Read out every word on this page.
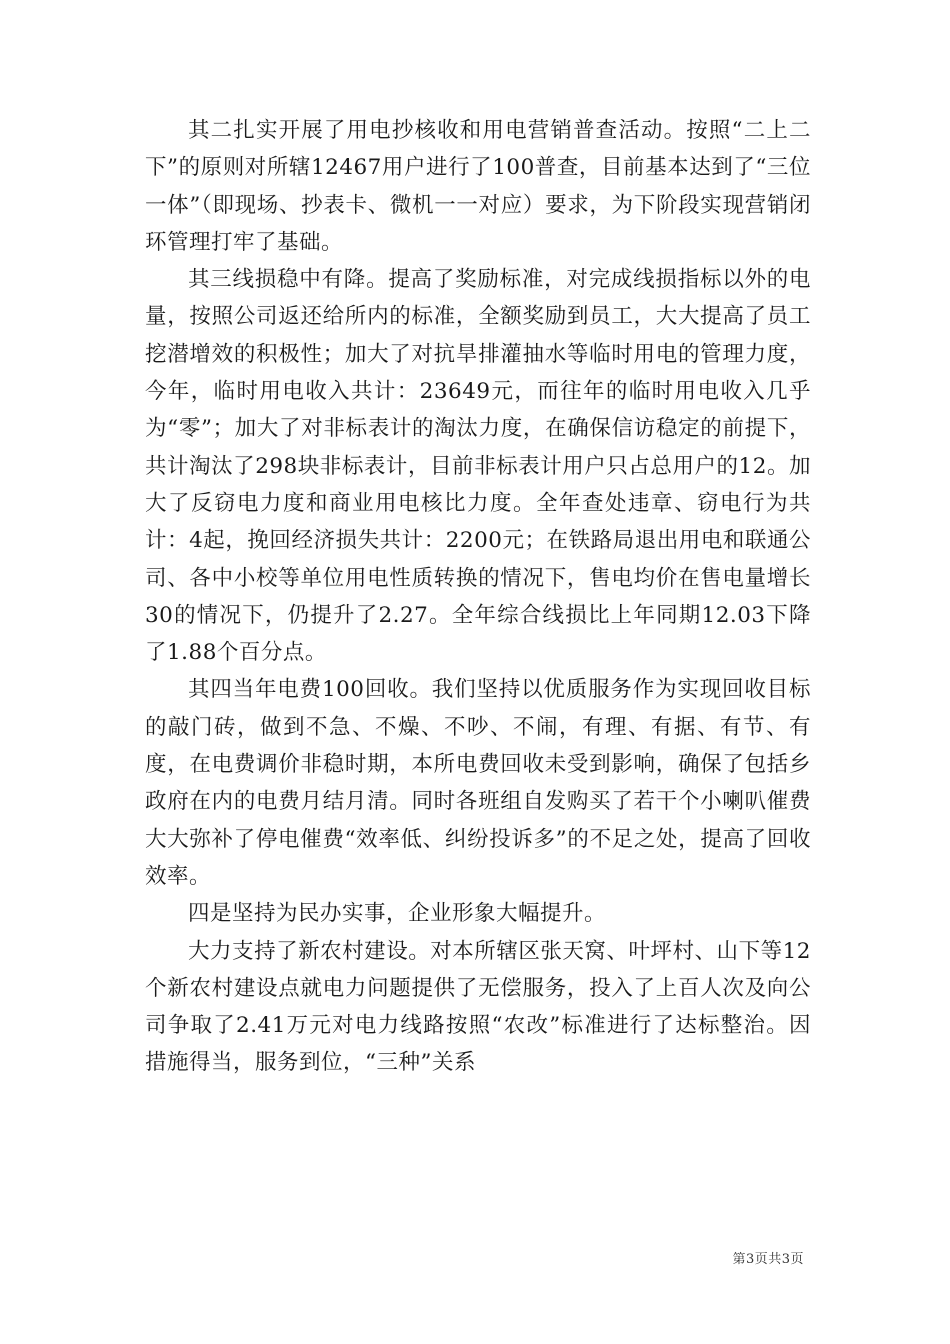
其二扎实开展了用电抄核收和用电营销普查活动。按照“二上二下”的原则对所辖12467用户进行了100普查，目前基本达到了“三位一体”（即现场、抄表卡、微机一一对应）要求，为下阶段实现营销闭环管理打牢了基础。

其三线损稳中有降。提高了奖励标准，对完成线损指标以外的电量，按照公司返还给所内的标准，全额奖励到员工，大大提高了员工挖潜增效的积极性；加大了对抗旱排灌抽水等临时用电的管理力度，今年，临时用电收入共计：23649元，而往年的临时用电收入几乎为“零”；加大了对非标表计的淘汰力度，在确保信访稳定的前提下，共计淘汰了298块非标表计，目前非标表计用户只占总用户的12。加大了反窃电力度和商业用电核比力度。全年查处违章、窃电行为共计：4起，挽回经济损失共计：2200元；在铁路局退出用电和联通公司、各中小校等单位用电性质转换的情况下，售电均价在售电量增长30的情况下，仍提升了2.27。全年综合线损比上年同期12.03下降了1.88个百分点。

其四当年电费100回收。我们坚持以优质服务作为实现回收目标的敲门砖，做到不急、不燥、不吵、不闹，有理、有据、有节、有度，在电费调价非稳时期，本所电费回收未受到影响，确保了包括乡政府在内的电费月结月清。同时各班组自发购买了若干个小喇叭催费大大弥补了停电催费“效率低、纠纷投诉多”的不足之处，提高了回收效率。

四是坚持为民办实事，企业形象大幅提升。

大力支持了新农村建设。对本所辖区张天窝、叶坪村、山下等12个新农村建设点就电力问题提供了无偿服务，投入了上百人次及向公司争取了2.41万元对电力线路按照“农改”标准进行了达标整治。因措施得当，服务到位，“三种”关系

第3页共3页
